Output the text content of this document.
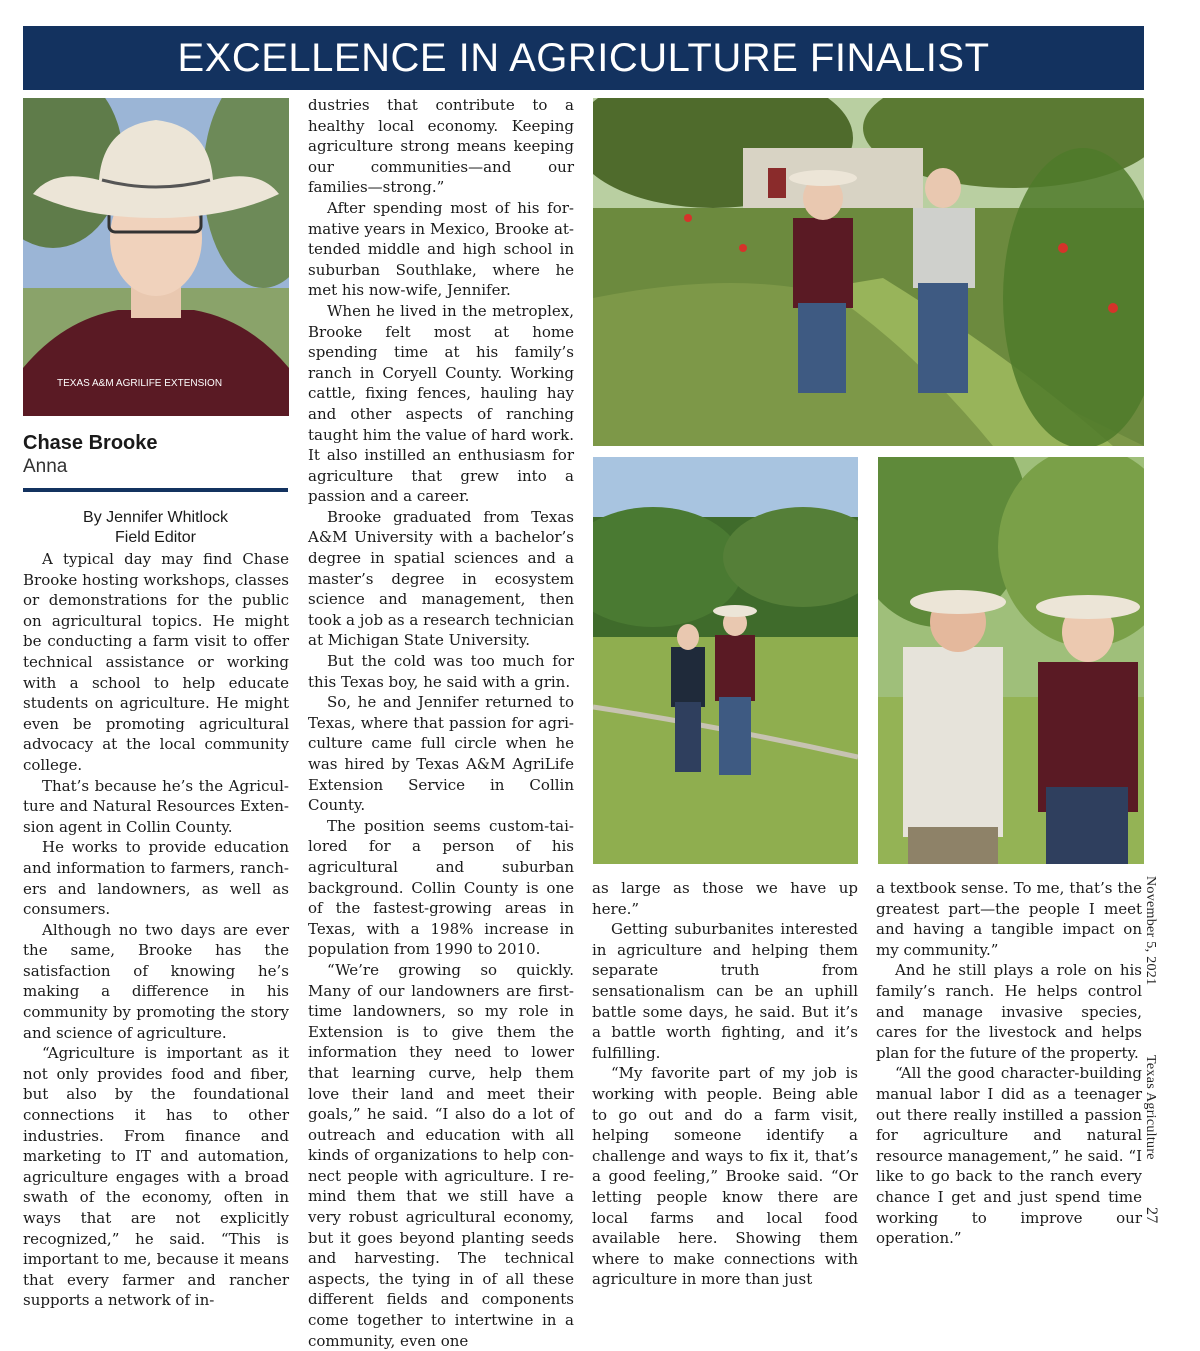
EXCELLENCE IN AGRICULTURE FINALIST
TEXAS A&M AGRILIFE EXTENSION
Chase Brooke
Anna
By Jennifer Whitlock
Field Editor

A typical day may find Chase Brooke hosting workshops, classes or demonstrations for the public on agricultural topics. He might be conducting a farm visit to offer technical assistance or working with a school to help educate students on agriculture. He might even be promoting agricultural advocacy at the local community college.

That’s because he’s the Agriculture and Natural Resources Extension agent in Collin County.

He works to provide education and information to farmers, ranchers and landowners, as well as consumers.

Although no two days are ever the same, Brooke has the satisfaction of knowing he’s making a difference in his community by promoting the story and science of agriculture.

“Agriculture is important as it not only provides food and fiber, but also by the foundational connections it has to other industries. From finance and marketing to IT and automation, agriculture engages with a broad swath of the economy, often in ways that are not explicitly recognized,” he said. “This is important to me, because it means that every farmer and rancher supports a network of in-

dustries that contribute to a healthy local economy. Keeping agriculture strong means keeping our communities—and our families—strong.”

After spending most of his formative years in Mexico, Brooke attended middle and high school in suburban Southlake, where he met his now-wife, Jennifer.

When he lived in the metroplex, Brooke felt most at home spending time at his family’s ranch in Coryell County. Working cattle, fixing fences, hauling hay and other aspects of ranching taught him the value of hard work. It also instilled an enthusiasm for agriculture that grew into a passion and a career.

Brooke graduated from Texas A&M University with a bachelor’s degree in spatial sciences and a master’s degree in ecosystem science and management, then took a job as a research technician at Michigan State University.

But the cold was too much for this Texas boy, he said with a grin.

So, he and Jennifer returned to Texas, where that passion for agriculture came full circle when he was hired by Texas A&M AgriLife Extension Service in Collin County.

The position seems custom-tailored for a person of his agricultural and suburban background. Collin County is one of the fastest-growing areas in Texas, with a 198% increase in population from 1990 to 2010.

“We’re growing so quickly. Many of our landowners are first-time landowners, so my role in Extension is to give them the information they need to lower that learning curve, help them love their land and meet their goals,” he said. “I also do a lot of outreach and education with all kinds of organizations to help connect people with agriculture. I remind them that we still have a very robust agricultural economy, but it goes beyond planting seeds and harvesting. The technical aspects, the tying in of all these different fields and components come together to intertwine in a community, even one

as large as those we have up here.”

Getting suburbanites interested in agriculture and helping them separate truth from sensationalism can be an uphill battle some days, he said. But it’s a battle worth fighting, and it’s fulfilling.

“My favorite part of my job is working with people. Being able to go out and do a farm visit, helping someone identify a challenge and ways to fix it, that’s a good feeling,” Brooke said. “Or letting people know there are local farms and local food available here. Showing them where to make connections with agriculture in more than just

a textbook sense. To me, that’s the greatest part—the people I meet and having a tangible impact on my community.”

And he still plays a role on his family’s ranch. He helps control and manage invasive species, cares for the livestock and helps plan for the future of the property.

“All the good character-building manual labor I did as a teenager out there really instilled a passion for agriculture and natural resource management,” he said. “I like to go back to the ranch every chance I get and just spend time working to improve our operation.”

November 5, 2021
Texas Agriculture
27
